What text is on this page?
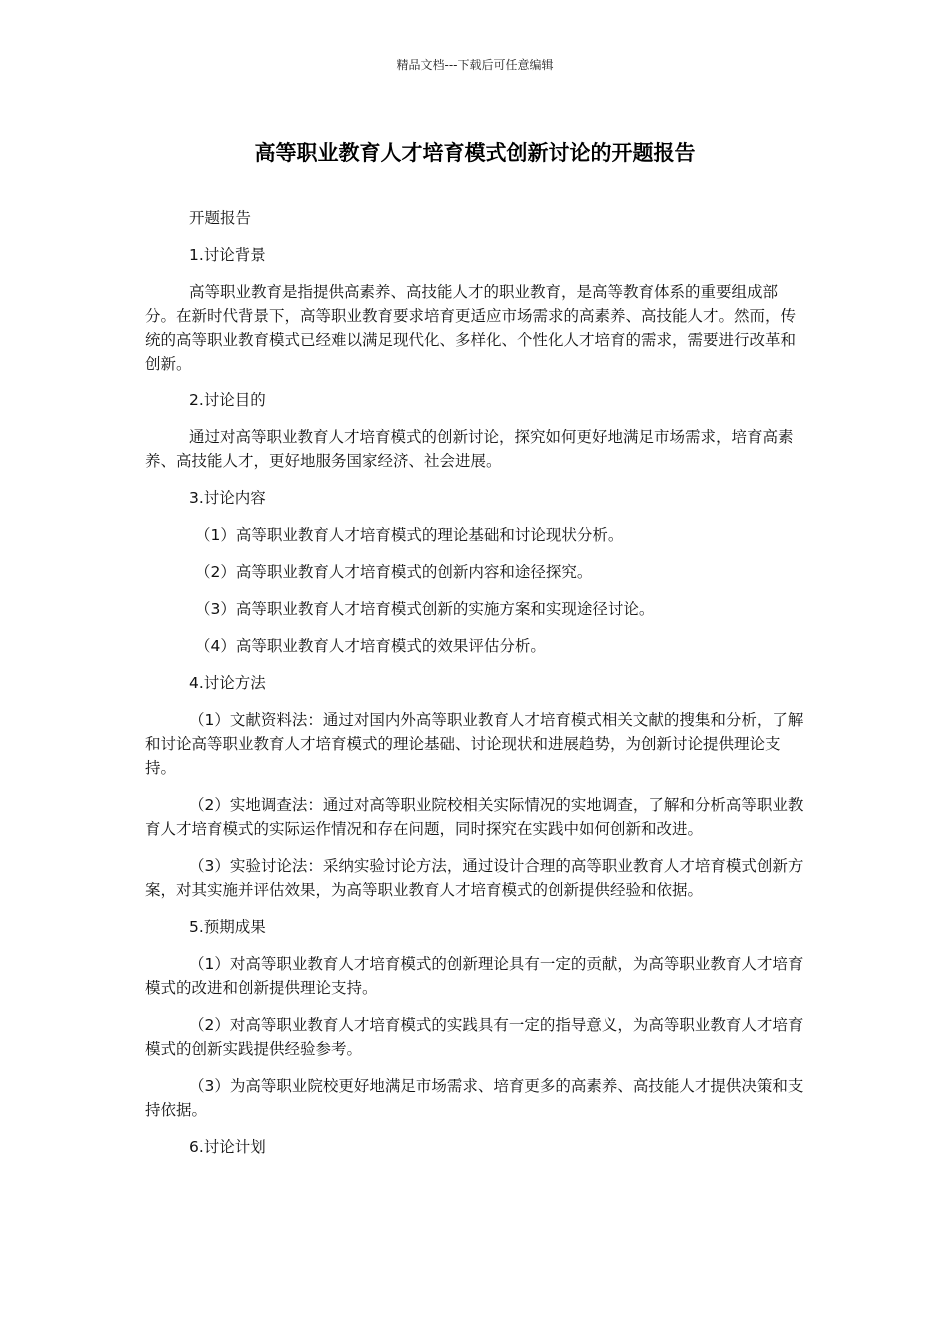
精品文档---下载后可任意编辑
高等职业教育人才培育模式创新讨论的开题报告
开题报告
1.讨论背景
高等职业教育是指提供高素养、高技能人才的职业教育，是高等教育体系的重要组成部分。在新时代背景下，高等职业教育要求培育更适应市场需求的高素养、高技能人才。然而，传统的高等职业教育模式已经难以满足现代化、多样化、个性化人才培育的需求，需要进行改革和创新。
2.讨论目的
通过对高等职业教育人才培育模式的创新讨论，探究如何更好地满足市场需求，培育高素养、高技能人才，更好地服务国家经济、社会进展。
3.讨论内容
（1）高等职业教育人才培育模式的理论基础和讨论现状分析。
（2）高等职业教育人才培育模式的创新内容和途径探究。
（3）高等职业教育人才培育模式创新的实施方案和实现途径讨论。
（4）高等职业教育人才培育模式的效果评估分析。
4.讨论方法
（1）文献资料法：通过对国内外高等职业教育人才培育模式相关文献的搜集和分析，了解和讨论高等职业教育人才培育模式的理论基础、讨论现状和进展趋势，为创新讨论提供理论支持。
（2）实地调查法：通过对高等职业院校相关实际情况的实地调查，了解和分析高等职业教育人才培育模式的实际运作情况和存在问题，同时探究在实践中如何创新和改进。
（3）实验讨论法：采纳实验讨论方法，通过设计合理的高等职业教育人才培育模式创新方案，对其实施并评估效果，为高等职业教育人才培育模式的创新提供经验和依据。
5.预期成果
（1）对高等职业教育人才培育模式的创新理论具有一定的贡献，为高等职业教育人才培育模式的改进和创新提供理论支持。
（2）对高等职业教育人才培育模式的实践具有一定的指导意义，为高等职业教育人才培育模式的创新实践提供经验参考。
（3）为高等职业院校更好地满足市场需求、培育更多的高素养、高技能人才提供决策和支持依据。
6.讨论计划
